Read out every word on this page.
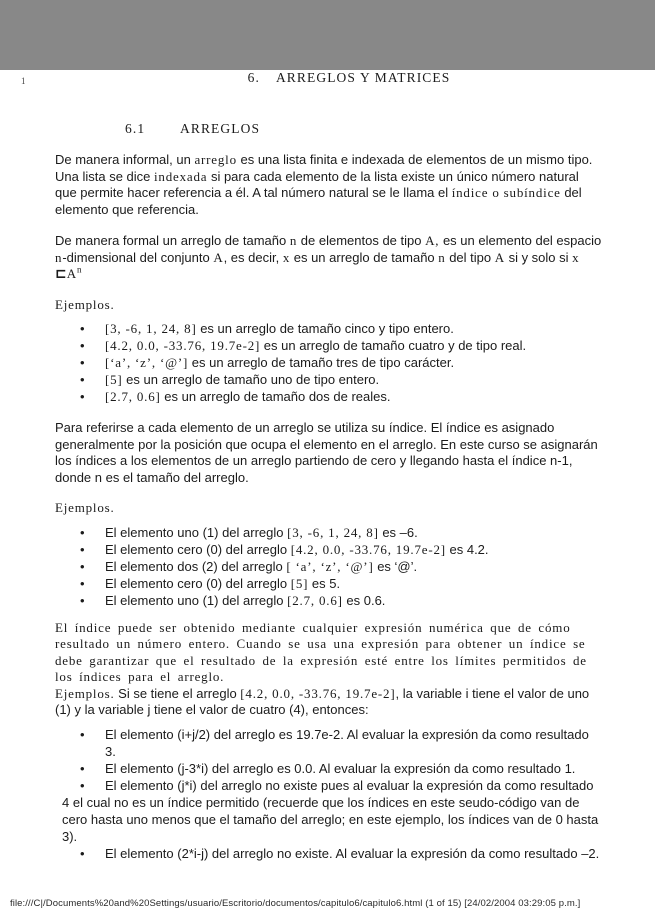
1	6. ARREGLOS Y MATRICES
6.1	ARREGLOS
De manera informal, un arreglo es una lista finita e indexada de elementos de un mismo tipo. Una lista se dice indexada si para cada elemento de la lista existe un único número natural que permite hacer referencia a él. A tal número natural se le llama el índice o subíndice del elemento que referencia.
De manera formal un arreglo de tamaño n de elementos de tipo A, es un elemento del espacio n-dimensional del conjunto A, es decir, x es un arreglo de tamaño n del tipo A si y solo si x $⊏A^n$
Ejemplos.
• [3, -6, 1, 24, 8] es un arreglo de tamaño cinco y tipo entero.
• [4.2, 0.0, -33.76, 19.7e-2] es un arreglo de tamaño cuatro y de tipo real.
• [‘a’, ‘z’, ‘@’] es un arreglo de tamaño tres de tipo carácter.
• [5] es un arreglo de tamaño uno de tipo entero.
• [2.7, 0.6] es un arreglo de tamaño dos de reales.
Para referirse a cada elemento de un arreglo se utiliza su índice. El índice es asignado generalmente por la posición que ocupa el elemento en el arreglo. En este curso se asignarán los índices a los elementos de un arreglo partiendo de cero y llegando hasta el índice n-1, donde n es el tamaño del arreglo.
Ejemplos.
• El elemento uno (1) del arreglo [3, -6, 1, 24, 8] es –6.
• El elemento cero (0) del arreglo [4.2, 0.0, -33.76, 19.7e-2] es 4.2.
• El elemento dos (2) del arreglo [ ‘a’, ‘z’, ‘@’] es ‘@’.
• El elemento cero (0) del arreglo [5] es 5.
• El elemento uno (1) del arreglo [2.7, 0.6] es 0.6.
El índice puede ser obtenido mediante cualquier expresión numérica que de cómo resultado un número entero. Cuando se usa una expresión para obtener un índice se debe garantizar que el resultado de la expresión esté entre los límites permitidos de los índices para el arreglo.
Ejemplos. Si se tiene el arreglo [4.2, 0.0, -33.76, 19.7e-2], la variable i tiene el valor de uno (1) y la variable j tiene el valor de cuatro (4), entonces:
• El elemento (i+j/2) del arreglo es 19.7e-2. Al evaluar la expresión da como resultado 3.
• El elemento (j-3*i) del arreglo es 0.0. Al evaluar la expresión da como resultado 1.
• El elemento (j*i) del arreglo no existe pues al evaluar la expresión da como resultado 4 el cual no es un índice permitido (recuerde que los índices en este seudo-código van de cero hasta uno menos que el tamaño del arreglo; en este ejemplo, los índices van de 0 hasta 3).
• El elemento (2*i-j) del arreglo no existe. Al evaluar la expresión da como resultado –2.
file:///C|/Documents%20and%20Settings/usuario/Escritorio/documentos/capitulo6/capitulo6.html (1 of 15) [24/02/2004 03:29:05 p.m.]
